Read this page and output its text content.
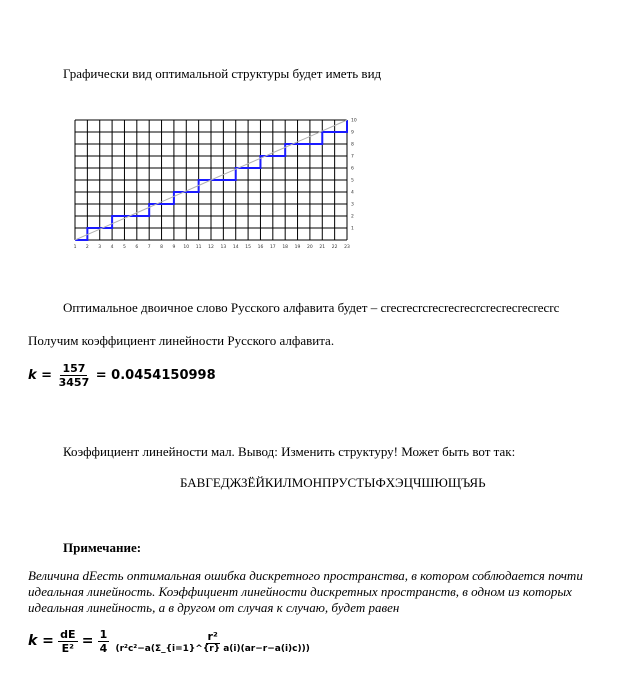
Графически вид оптимальной структуры будет иметь вид
1 2 3 4 5 6 7 8 9 10 11 12 13 14 15 16 17 18 19 20 21 22 23
1
2
3
4
5
6
7
8
9
10
Оптимальное двоичное слово Русского алфавита будет – crecrecrcrecrecrecrcrecrecrecrecrc
Получим коэффициент линейности Русского алфавита.
$k = \frac{157}{3457} = 0.0454150998$
Коэффициент линейности мал. Вывод: Изменить структуру! Может быть вот так:
БАВГЕДЖЗЁЙКИЛМОНПРУСТЫФХЭЦЧШЮЩЪЯЬ
Примечание:
Величина dEесть оптимальная ошибка дискретного пространства, в котором соблюдается почти
идеальная линейность. Коэффициент линейности дискретных пространств, в одном из которых
идеальная линейность, а в другом от случая к случаю, будет равен
$k = \frac{dE}{\text{E²}} = \frac{1}{4}$
$\frac{\text{r²}}{\text{(r²c²−a(Σ\_\{i=1\}\textasciicircum{}\{r\} a(i)(ar−r−a(i)c)))}}$
